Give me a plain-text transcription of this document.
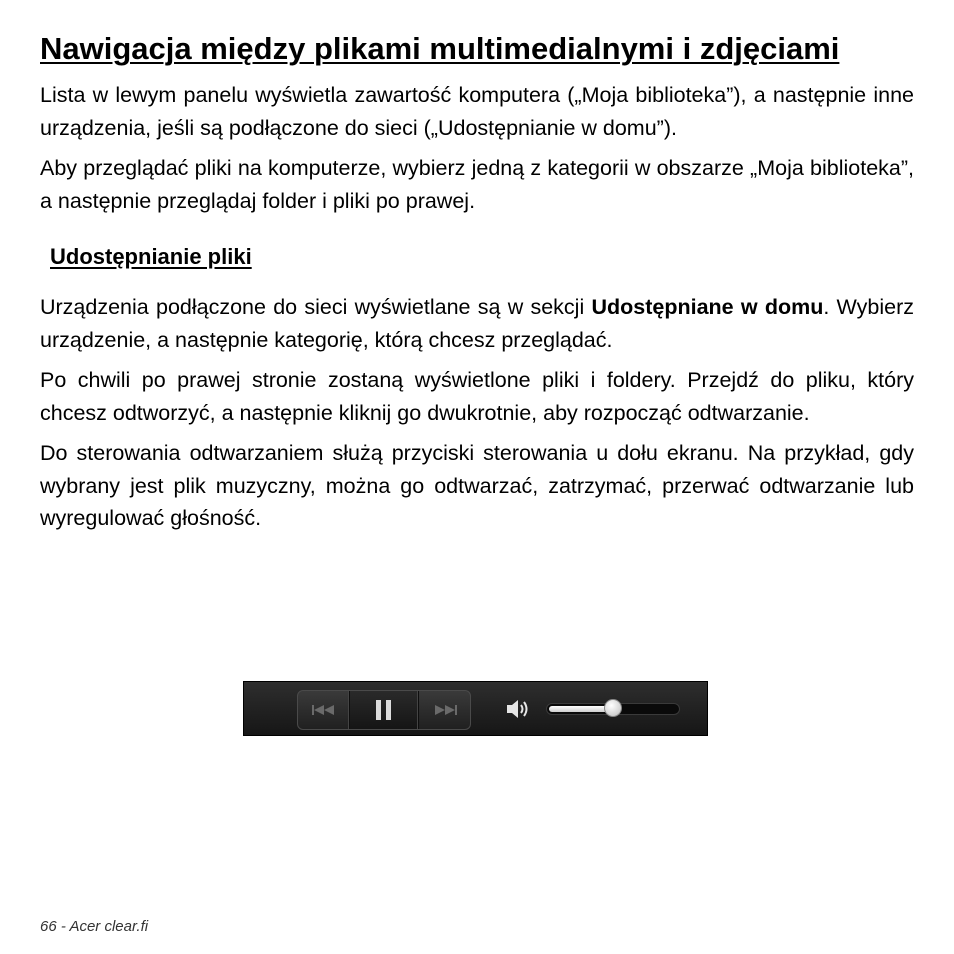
Nawigacja między plikami multimedialnymi i zdjęciami

Lista w lewym panelu wyświetla zawartość komputera („Moja biblioteka”), a następnie inne urządzenia, jeśli są podłączone do sieci („Udostępnianie w domu”).

Aby przeglądać pliki na komputerze, wybierz jedną z kategorii w obszarze „Moja biblioteka”, a następnie przeglądaj folder i pliki po prawej.

Udostępnianie pliki

Urządzenia podłączone do sieci wyświetlane są w sekcji Udostępniane w domu. Wybierz urządzenie, a następnie kategorię, którą chcesz przeglądać.

Po chwili po prawej stronie zostaną wyświetlone pliki i foldery. Przejdź do pliku, który chcesz odtworzyć, a następnie kliknij go dwukrotnie, aby rozpocząć odtwarzanie.

Do sterowania odtwarzaniem służą przyciski sterowania u dołu ekranu. Na przykład, gdy wybrany jest plik muzyczny, można go odtwarzać, zatrzymać, przerwać odtwarzanie lub wyregulować głośność.

66 - Acer clear.fi
